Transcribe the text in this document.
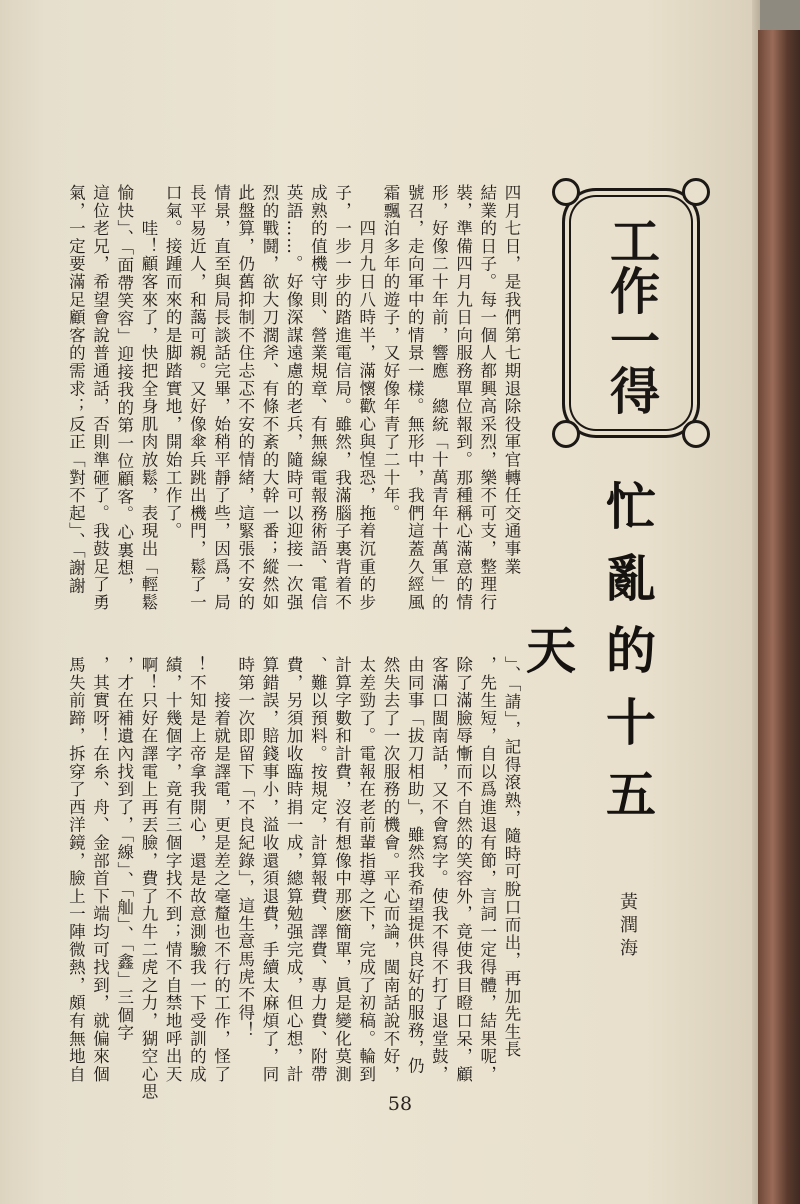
四月七日，是我們第七期退除役軍官轉任交通事業
結業的日子。每一個人都興高采烈，樂不可支，整理行
裝，準備四月九日向服務單位報到。那種稱心滿意的情
形，好像二十年前，響應　總統「十萬青年十萬軍」的
號召，走向軍中的情景一樣。無形中，我們這蓋久經風
霜飄泊多年的遊子，又好像年青了二十年。
　　四月九日八時半，滿懷歡心與惶恐，拖着沉重的步
子，一步一步的踏進電信局。雖然，我滿腦子裏背着不
成熟的值機守則、營業規章、有無線電報務術語、電信
英語……。好像深謀遠慮的老兵，隨時可以迎接一次强
烈的戰鬪，欲大刀濶斧、有條不紊的大幹一番；縱然如
此盤算，仍舊抑制不住忐忑不安的情緒，這緊張不安的
情景，直至與局長談話完畢，始稍平靜了些，因爲，局
長平易近人，和藹可親。又好像傘兵跳出機門，鬆了一
口氣。接踵而來的是脚踏實地，開始工作了。
　　哇！顧客來了，快把全身肌肉放鬆，表現出「輕鬆
愉快」、「面帶笑容」迎接我的第一位顧客。心裏想，
這位老兄，希望會說普通話，否則準砸了。我鼓足了勇
氣，一定要滿足顧客的需求；反正「對不起」、「謝謝
」、「請」，記得滾熟，隨時可脫口而出，再加先生長
，先生短，自以爲進退有節，言詞一定得體，結果呢，
除了滿臉辱慚而不自然的笑容外，竟使我目瞪口呆，顧
客滿口閩南話，又不會寫字。使我不得不打了退堂鼓，
由同事「拔刀相助」，雖然我希望提供良好的服務，仍
然失去了一次服務的機會。平心而論，閩南話說不好，
太差勁了。電報在老前輩指導之下，完成了初稿。輪到
計算字數和計費，沒有想像中那麽簡單，眞是變化莫測
、難以預料。按規定，計算報費、譯費、專力費、附帶
費，另須加收臨時捐一成，總算勉强完成，但心想，計
算錯誤，賠錢事小，溢收還須退費，手續太麻煩了，同
時第一次即留下「不良紀錄」，這生意馬虎不得！
　　接着就是譯電，更是差之毫釐也不行的工作，怪了
！不知是上帝拿我開心，還是故意測驗我一下受訓的成
績，十幾個字，竟有三個字找不到；情不自禁地呼出天
啊！只好在譯電上再丟臉，費了九牛二虎之力，猢空心思
，才在補遺內找到了，「線」、「舢」、「鑫」三個字
，其實呀！在糸、舟、金部首下端均可找到，就偏來個
馬失前蹄，拆穿了西洋鏡，臉上一陣微熱，頗有無地自
工作一得
忙亂的十五天
黃潤海
58
